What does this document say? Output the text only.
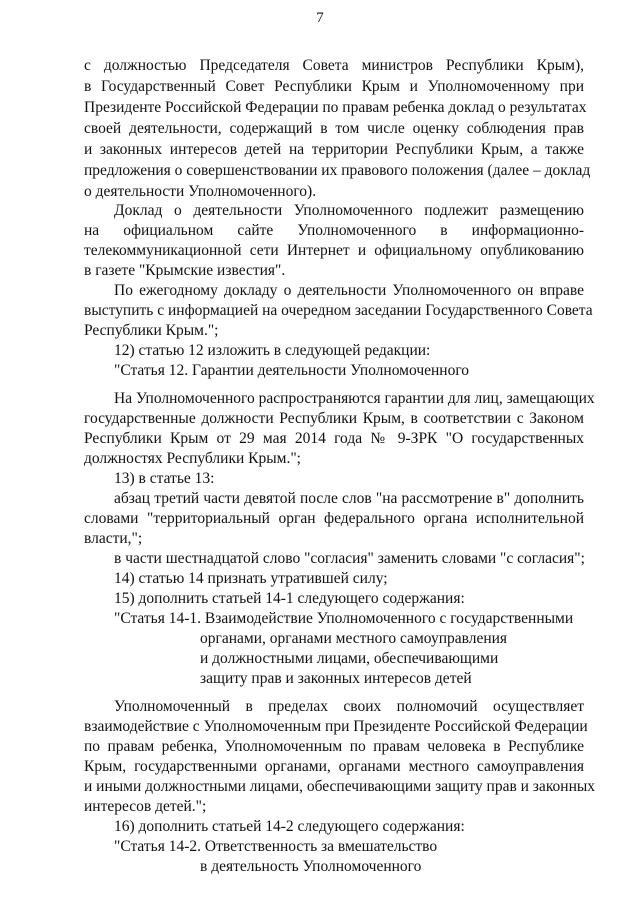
7
с должностью Председателя Совета министров Республики Крым),
в Государственный Совет Республики Крым и Уполномоченному при
Президенте Российской Федерации по правам ребенка доклад о результатах
своей деятельности, содержащий в том числе оценку соблюдения прав
и законных интересов детей на территории Республики Крым, а также
предложения о совершенствовании их правового положения (далее – доклад
о деятельности Уполномоченного).
Доклад о деятельности Уполномоченного подлежит размещению
на официальном сайте Уполномоченного в информационно-
телекоммуникационной сети Интернет и официальному опубликованию
в газете "Крымские известия".
По ежегодному докладу о деятельности Уполномоченного он вправе
выступить с информацией на очередном заседании Государственного Совета
Республики Крым.";
12) статью 12 изложить в следующей редакции:
"Статья 12. Гарантии деятельности Уполномоченного
На Уполномоченного распространяются гарантии для лиц, замещающих
государственные должности Республики Крым, в соответствии с Законом
Республики Крым от 29 мая 2014 года № 9-ЗРК "О государственных
должностях Республики Крым.";
13) в статье 13:
абзац третий части девятой после слов "на рассмотрение в" дополнить
словами "территориальный орган федерального органа исполнительной
власти,";
в части шестнадцатой слово "согласия" заменить словами "с согласия";
14) статью 14 признать утратившей силу;
15) дополнить статьей 14-1 следующего содержания:
"Статья 14-1. Взаимодействие Уполномоченного с государственными
органами, органами местного самоуправления
и должностными лицами, обеспечивающими
защиту прав и законных интересов детей
Уполномоченный в пределах своих полномочий осуществляет
взаимодействие с Уполномоченным при Президенте Российской Федерации
по правам ребенка, Уполномоченным по правам человека в Республике
Крым, государственными органами, органами местного самоуправления
и иными должностными лицами, обеспечивающими защиту прав и законных
интересов детей.";
16) дополнить статьей 14-2 следующего содержания:
"Статья 14-2. Ответственность за вмешательство
в деятельность Уполномоченного
